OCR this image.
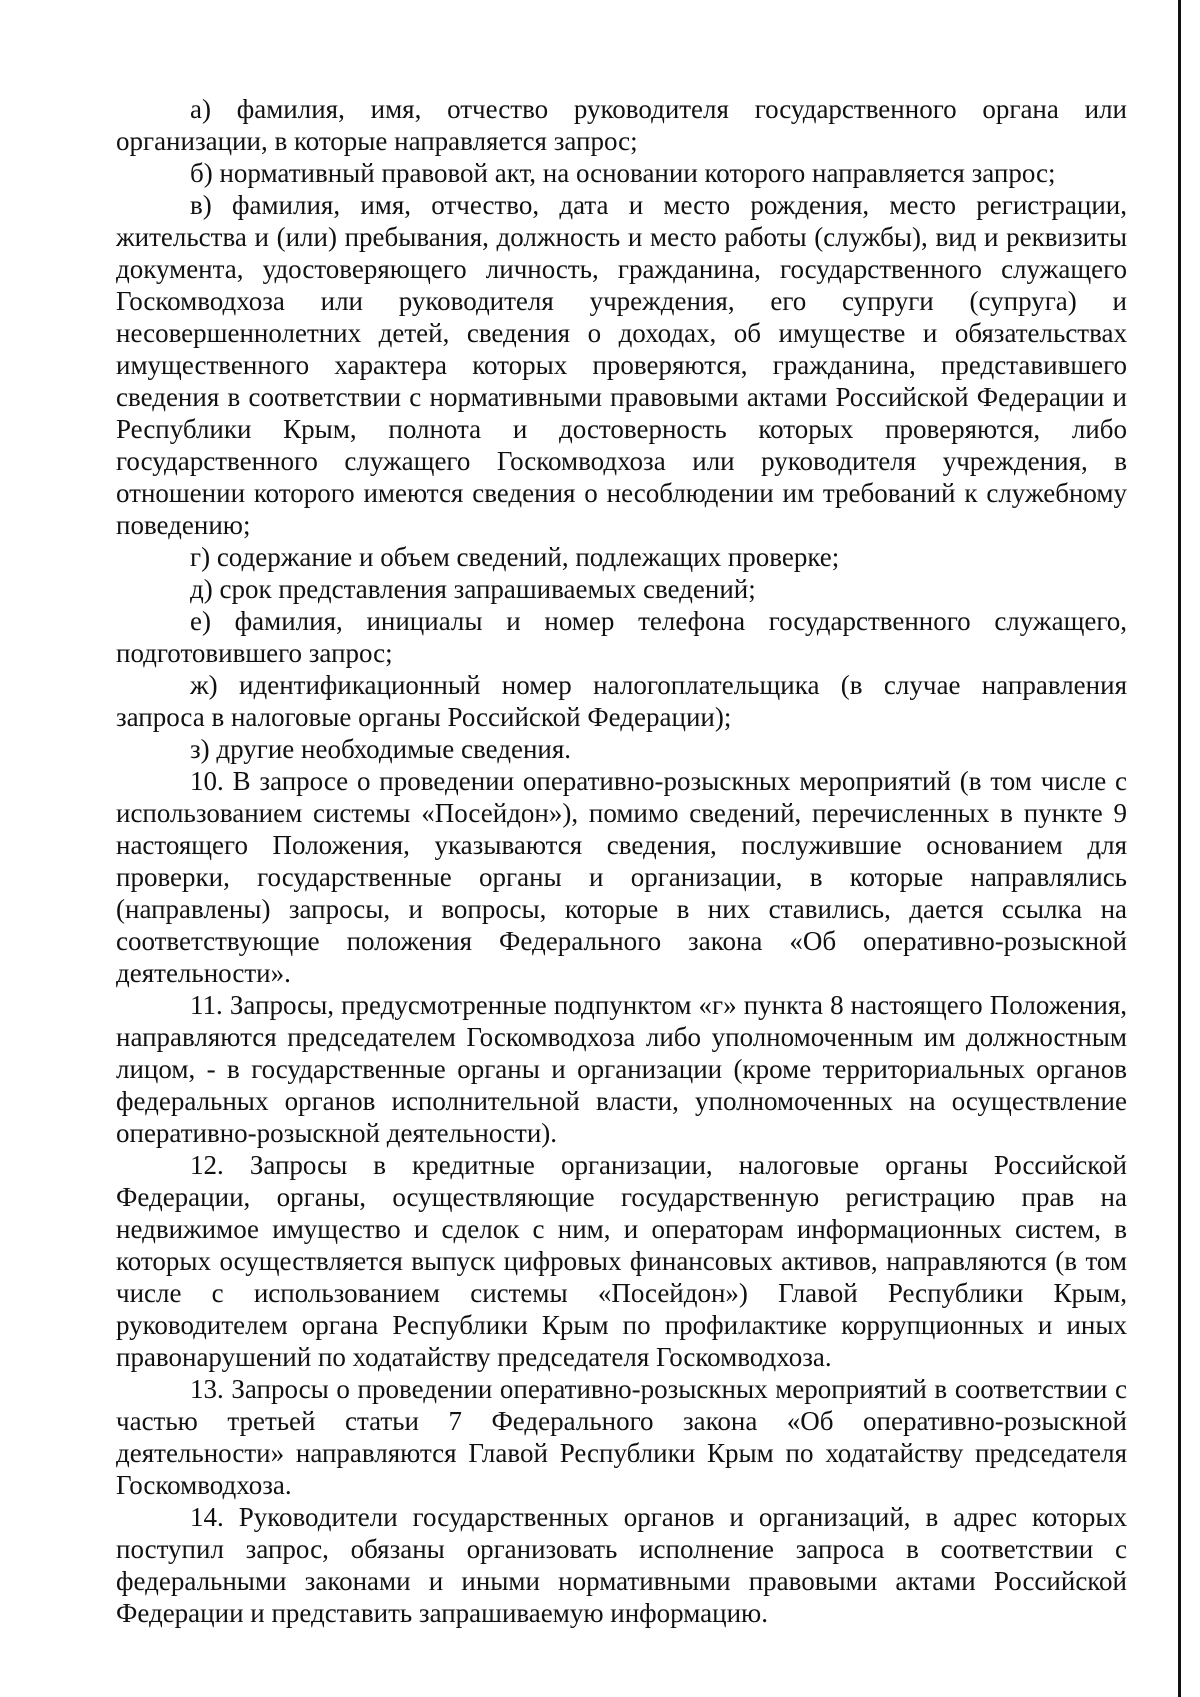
а) фамилия, имя, отчество руководителя государственного органа или организации, в которые направляется запрос;

б) нормативный правовой акт, на основании которого направляется запрос;

в) фамилия, имя, отчество, дата и место рождения, место регистрации, жительства и (или) пребывания, должность и место работы (службы), вид и реквизиты документа, удостоверяющего личность, гражданина, государственного служащего Госкомводхоза или руководителя учреждения, его супруги (супруга) и несовершеннолетних детей, сведения о доходах, об имуществе и обязательствах имущественного характера которых проверяются, гражданина, представившего сведения в соответствии с нормативными правовыми актами Российской Федерации и Республики Крым, полнота и достоверность которых проверяются, либо государственного служащего Госкомводхоза или руководителя учреждения, в отношении которого имеются сведения о несоблюдении им требований к служебному поведению;

г) содержание и объем сведений, подлежащих проверке;

д) срок представления запрашиваемых сведений;

е) фамилия, инициалы и номер телефона государственного служащего, подготовившего запрос;

ж) идентификационный номер налогоплательщика (в случае направления запроса в налоговые органы Российской Федерации);

з) другие необходимые сведения.

10. В запросе о проведении оперативно-розыскных мероприятий (в том числе с использованием системы «Посейдон»), помимо сведений, перечисленных в пункте 9 настоящего Положения, указываются сведения, послужившие основанием для проверки, государственные органы и организации, в которые направлялись (направлены) запросы, и вопросы, которые в них ставились, дается ссылка на соответствующие положения Федерального закона «Об оперативно-розыскной деятельности».

11. Запросы, предусмотренные подпунктом «г» пункта 8 настоящего Положения, направляются председателем Госкомводхоза либо уполномоченным им должностным лицом, - в государственные органы и организации (кроме территориальных органов федеральных органов исполнительной власти, уполномоченных на осуществление оперативно-розыскной деятельности).

12. Запросы в кредитные организации, налоговые органы Российской Федерации, органы, осуществляющие государственную регистрацию прав на недвижимое имущество и сделок с ним, и операторам информационных систем, в которых осуществляется выпуск цифровых финансовых активов, направляются (в том числе с использованием системы «Посейдон») Главой Республики Крым, руководителем органа Республики Крым по профилактике коррупционных и иных правонарушений по ходатайству председателя Госкомводхоза.

13. Запросы о проведении оперативно-розыскных мероприятий в соответствии с частью третьей статьи 7 Федерального закона «Об оперативно-розыскной деятельности» направляются Главой Республики Крым по ходатайству председателя Госкомводхоза.

14. Руководители государственных органов и организаций, в адрес которых поступил запрос, обязаны организовать исполнение запроса в соответствии с федеральными законами и иными нормативными правовыми актами Российской Федерации и представить запрашиваемую информацию.
